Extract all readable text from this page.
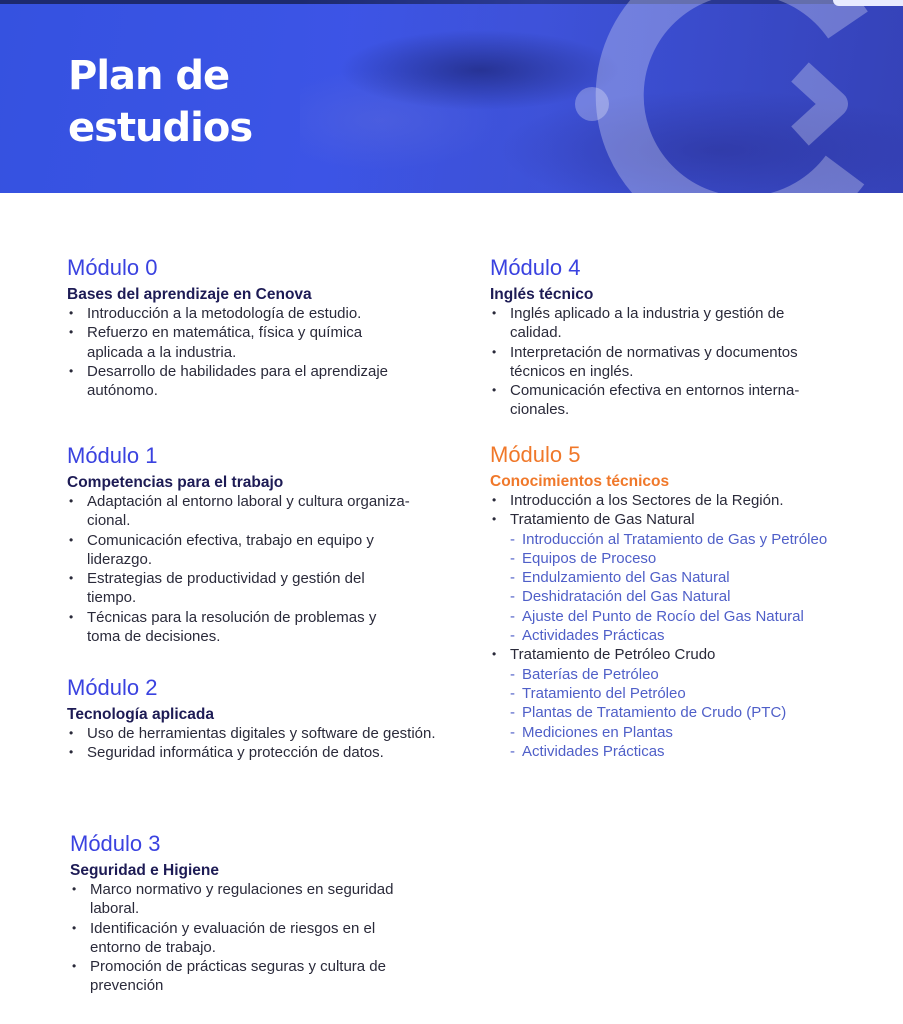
Plan de estudios
Módulo 0
Bases del aprendizaje en Cenova
• Introducción a la metodología de estudio.
• Refuerzo en matemática, física y química aplicada a la industria.
• Desarrollo de habilidades para el aprendizaje autónomo.
Módulo 1
Competencias para el trabajo
• Adaptación al entorno laboral y cultura organiza-cional.
• Comunicación efectiva, trabajo en equipo y liderazgo.
• Estrategias de productividad y gestión del tiempo.
• Técnicas para la resolución de problemas y toma de decisiones.
Módulo 2
Tecnología aplicada
• Uso de herramientas digitales y software de gestión.
• Seguridad informática y protección de datos.
Módulo 3
Seguridad e Higiene
• Marco normativo y regulaciones en seguridad laboral.
• Identificación y evaluación de riesgos en el entorno de trabajo.
• Promoción de prácticas seguras y cultura de prevención
Módulo 4
Inglés técnico
• Inglés aplicado a la industria y gestión de calidad.
• Interpretación de normativas y documentos técnicos en inglés.
• Comunicación efectiva en entornos interna-cionales.
Módulo 5
Conocimientos técnicos
• Introducción a los Sectores de la Región.
• Tratamiento de Gas Natural
- Introducción al Tratamiento de Gas y Petróleo
- Equipos de Proceso
- Endulzamiento del Gas Natural
- Deshidratación del Gas Natural
- Ajuste del Punto de Rocío del Gas Natural
- Actividades Prácticas
• Tratamiento de Petróleo Crudo
- Baterías de Petróleo
- Tratamiento del Petróleo
- Plantas de Tratamiento de Crudo (PTC)
- Mediciones en Plantas
- Actividades Prácticas
